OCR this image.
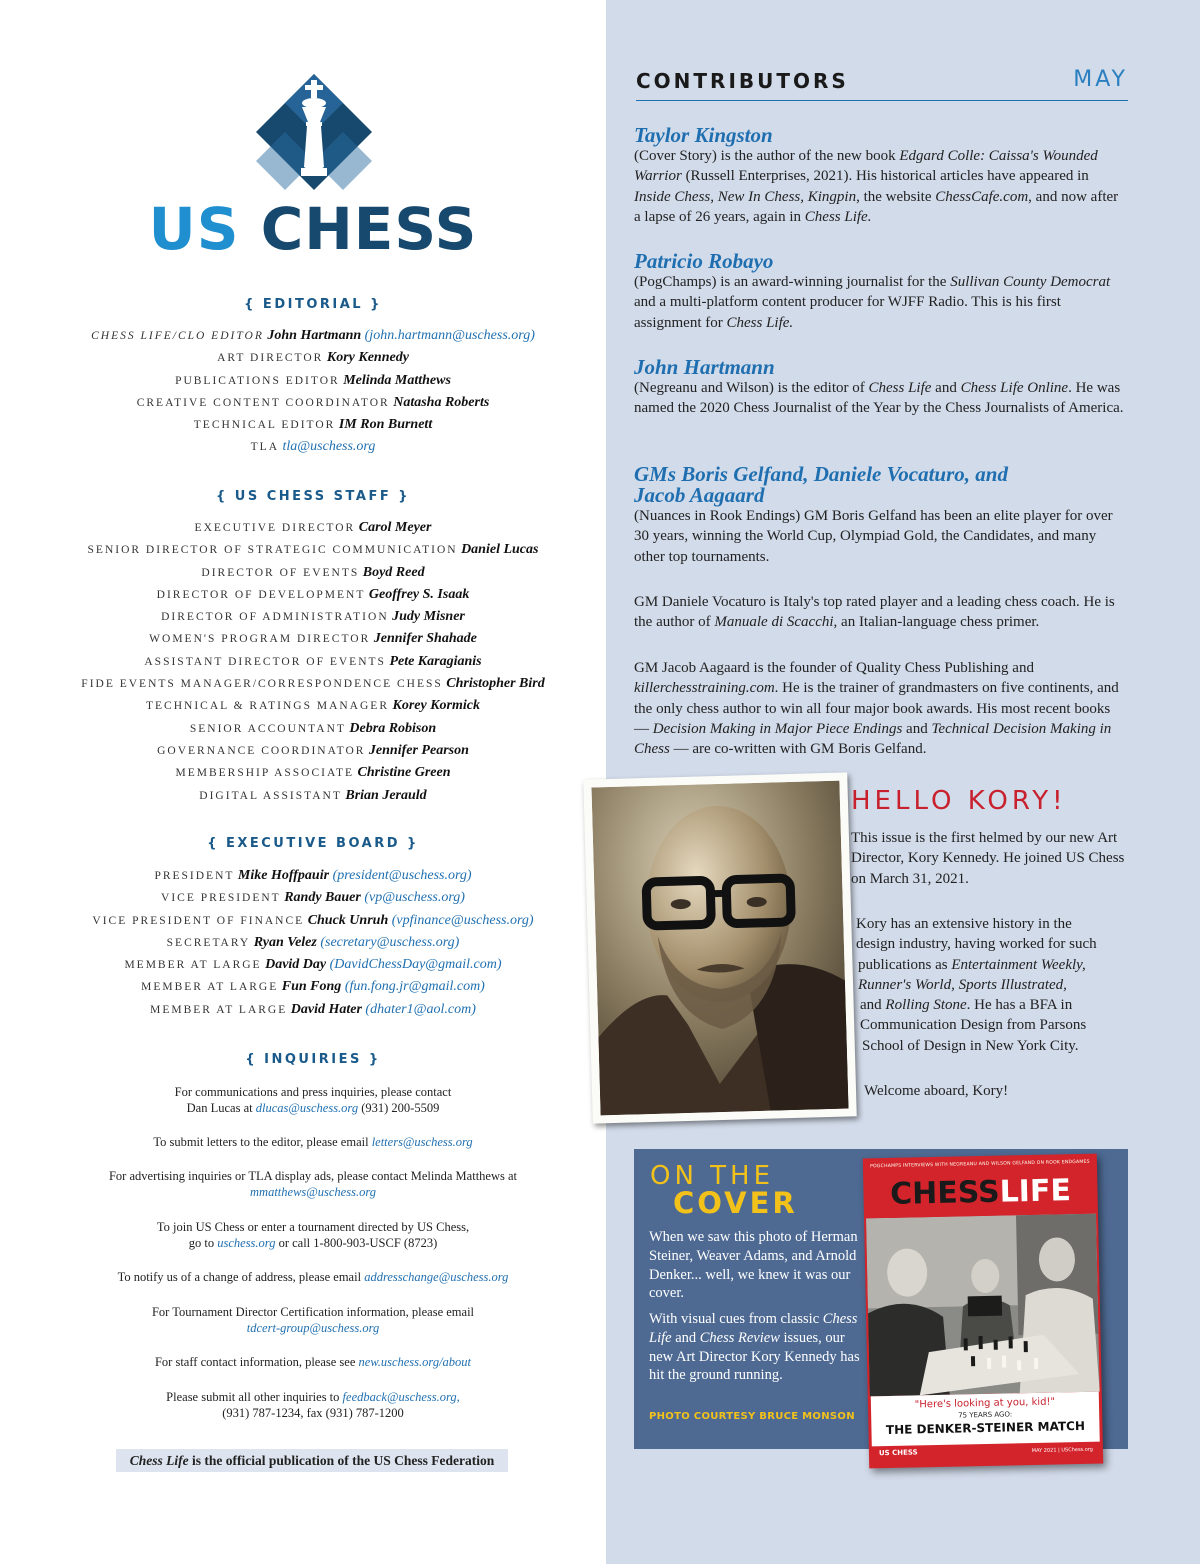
US CHESS
{ EDITORIAL }
CHESS LIFE/CLO EDITOR John Hartmann (john.hartmann@uschess.org)
ART DIRECTOR Kory Kennedy
PUBLICATIONS EDITOR Melinda Matthews
CREATIVE CONTENT COORDINATOR Natasha Roberts
TECHNICAL EDITOR IM Ron Burnett
TLA tla@uschess.org
{ US CHESS STAFF }
EXECUTIVE DIRECTOR Carol Meyer
SENIOR DIRECTOR OF STRATEGIC COMMUNICATION Daniel Lucas
DIRECTOR OF EVENTS Boyd Reed
DIRECTOR OF DEVELOPMENT Geoffrey S. Isaak
DIRECTOR OF ADMINISTRATION Judy Misner
WOMEN'S PROGRAM DIRECTOR Jennifer Shahade
ASSISTANT DIRECTOR OF EVENTS Pete Karagianis
FIDE EVENTS MANAGER/CORRESPONDENCE CHESS Christopher Bird
TECHNICAL & RATINGS MANAGER Korey Kormick
SENIOR ACCOUNTANT Debra Robison
GOVERNANCE COORDINATOR Jennifer Pearson
MEMBERSHIP ASSOCIATE Christine Green
DIGITAL ASSISTANT Brian Jerauld
{ EXECUTIVE BOARD }
PRESIDENT Mike Hoffpauir (president@uschess.org)
VICE PRESIDENT Randy Bauer (vp@uschess.org)
VICE PRESIDENT OF FINANCE Chuck Unruh (vpfinance@uschess.org)
SECRETARY Ryan Velez (secretary@uschess.org)
MEMBER AT LARGE David Day (DavidChessDay@gmail.com)
MEMBER AT LARGE Fun Fong (fun.fong.jr@gmail.com)
MEMBER AT LARGE David Hater (dhater1@aol.com)
{ INQUIRIES }
For communications and press inquiries, please contact
Dan Lucas at dlucas@uschess.org (931) 200-5509
To submit letters to the editor, please email letters@uschess.org
For advertising inquiries or TLA display ads, please contact Melinda Matthews at
mmatthews@uschess.org
To join US Chess or enter a tournament directed by US Chess,
go to uschess.org or call 1-800-903-USCF (8723)
To notify us of a change of address, please email addresschange@uschess.org
For Tournament Director Certification information, please email
tdcert-group@uschess.org
For staff contact information, please see new.uschess.org/about
Please submit all other inquiries to feedback@uschess.org,
(931) 787-1234, fax (931) 787-1200
Chess Life is the official publication of the US Chess Federation
CONTRIBUTORS	MAY
Taylor Kingston

(Cover Story) is the author of the new book Edgard Colle: Caissa's Wounded Warrior (Russell Enterprises, 2021). His historical articles have appeared in Inside Chess, New In Chess, Kingpin, the website ChessCafe.com, and now after a lapse of 26 years, again in Chess Life.

Patricio Robayo

(PogChamps) is an award-winning journalist for the Sullivan County Democrat and a multi-platform content producer for WJFF Radio. This is his first assignment for Chess Life.

John Hartmann

(Negreanu and Wilson) is the editor of Chess Life and Chess Life Online. He was named the 2020 Chess Journalist of the Year by the Chess Journalists of America.

GMs Boris Gelfand, Daniele Vocaturo, and
Jacob Aagaard

(Nuances in Rook Endings) GM Boris Gelfand has been an elite player for over 30 years, winning the World Cup, Olympiad Gold, the Candidates, and many other top tournaments.

GM Daniele Vocaturo is Italy's top rated player and a leading chess coach. He is the author of Manuale di Scacchi, an Italian-language chess primer.
GM Jacob Aagaard is the founder of Quality Chess Publishing and killerchesstraining.com. He is the trainer of grandmasters on five continents, and the only chess author to win all four major book awards. His most recent books — Decision Making in Major Piece Endings and Technical Decision Making in Chess — are co-written with GM Boris Gelfand.
HELLO KORY!
This issue is the first helmed by our new Art Director, Kory Kennedy. He joined US Chess on March 31, 2021.
Kory has an extensive history in the
design industry, having worked for such
publications as Entertainment Weekly,
Runner's World, Sports Illustrated,
and Rolling Stone. He has a BFA in
Communication Design from Parsons
School of Design in New York City.
Welcome aboard, Kory!
ON THE
COVER
When we saw this photo of Herman Steiner, Weaver Adams, and Arnold Denker... well, we knew it was our cover.
With visual cues from classic Chess Life and Chess Review issues, our new Art Director Kory Kennedy has hit the ground running.
PHOTO COURTESY BRUCE MONSON
POGCHAMPS INTERVIEWS WITH NEGREANU AND WILSON GELFAND ON ROOK ENDGAMES
CHESSLIFE
"Here's looking at you, kid!"
75 YEARS AGO:
THE DENKER-STEINER MATCH
US CHESS	MAY 2021 | USChess.org
